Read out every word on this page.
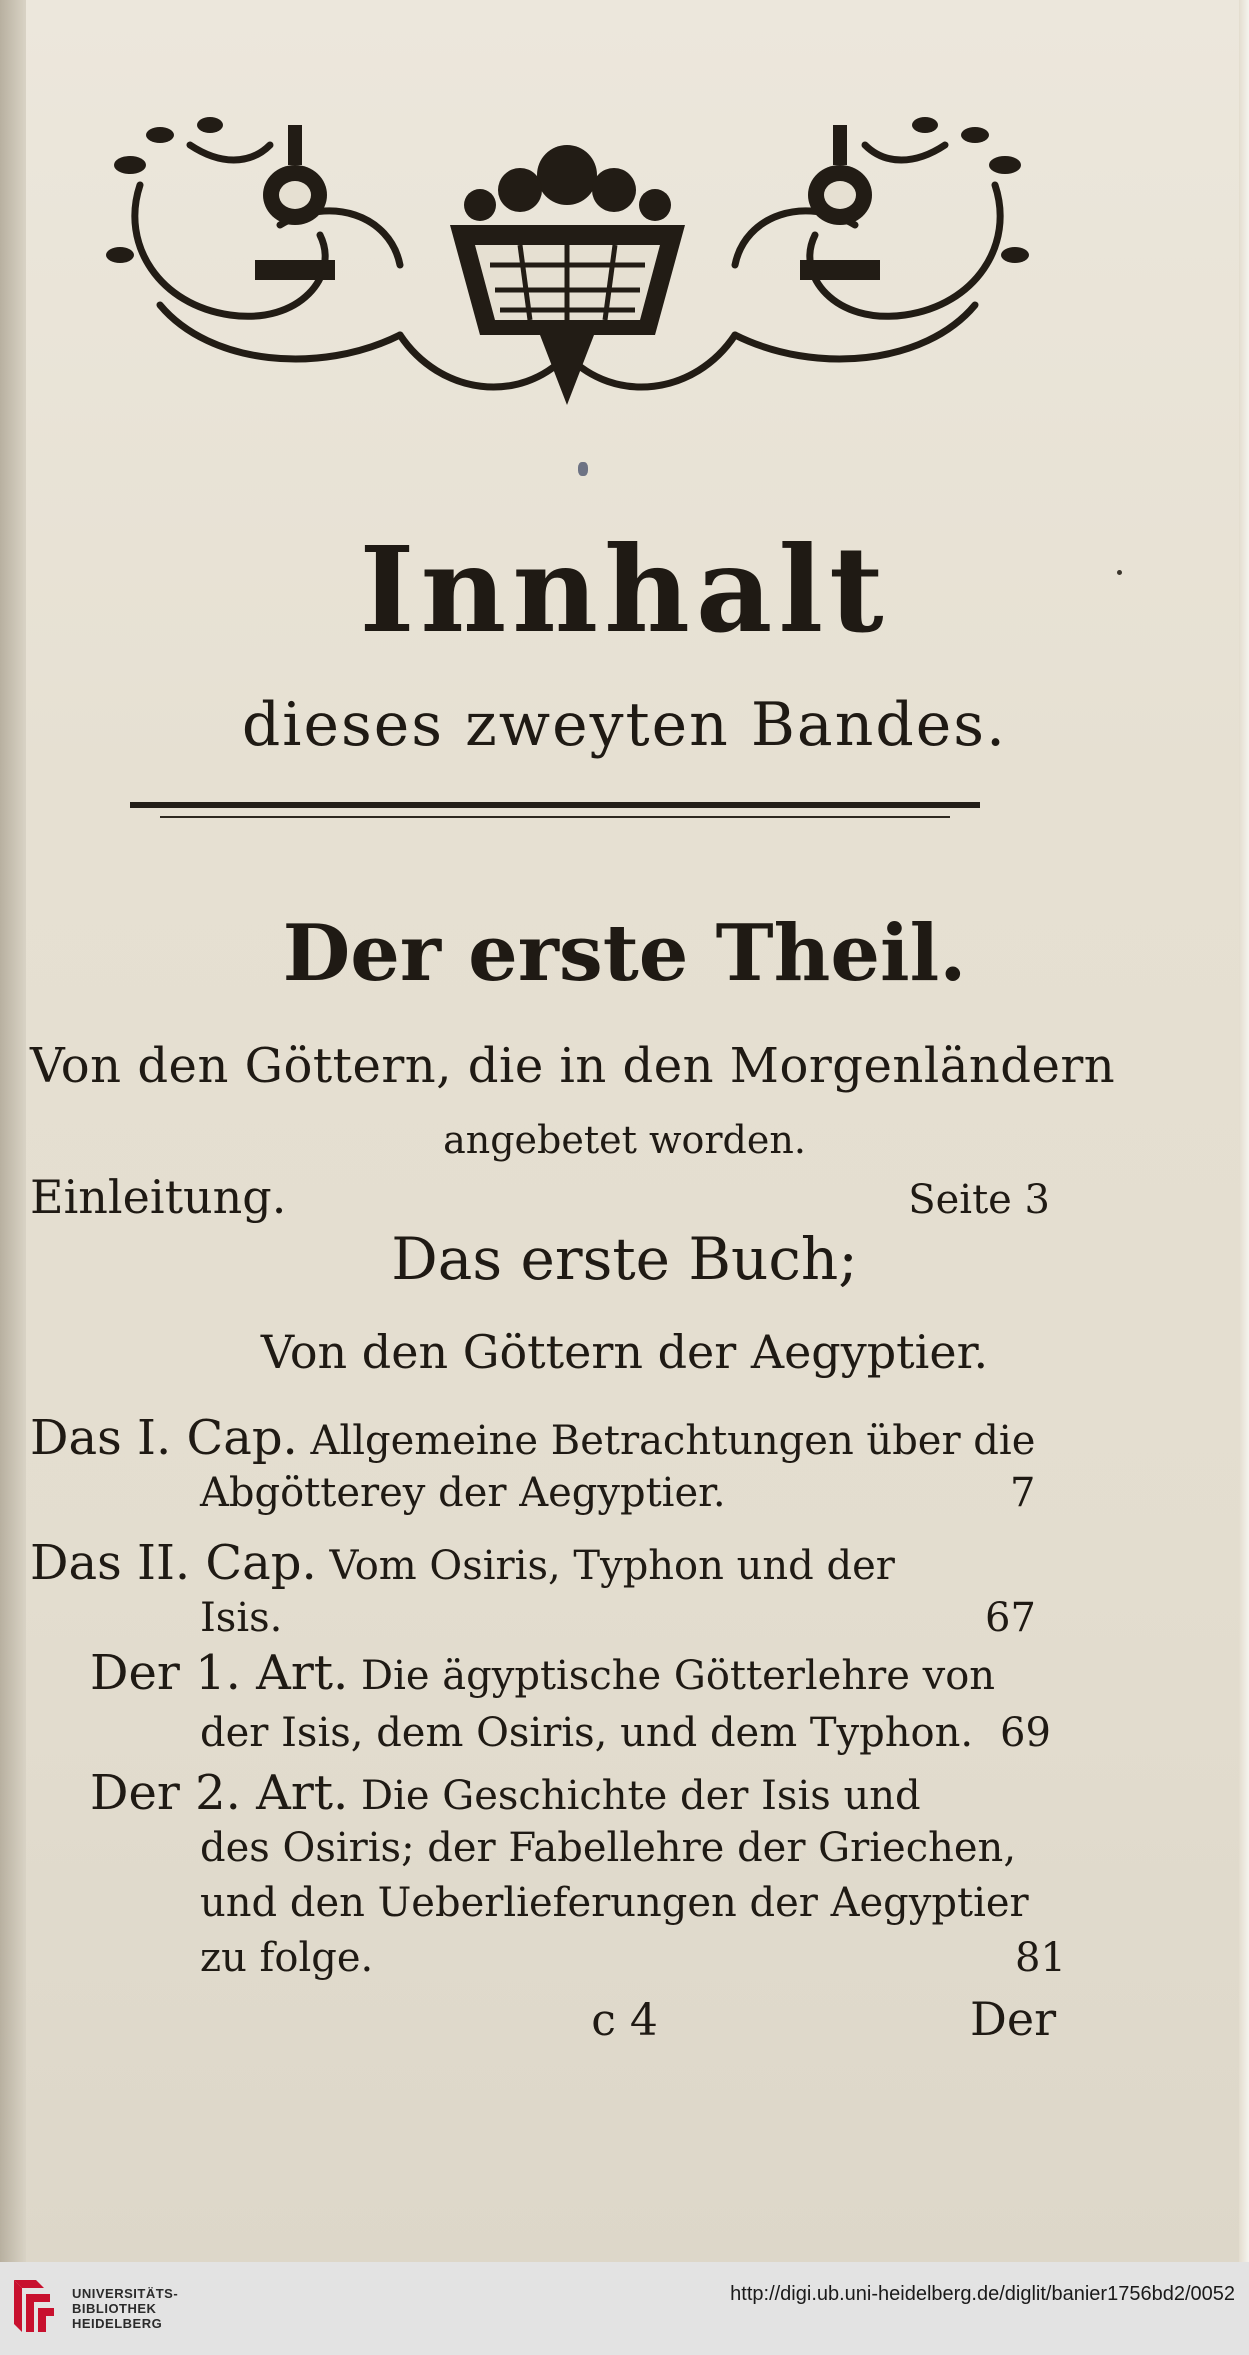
Innhalt
dieses zweyten Bandes.
Der erste Theil.
Von den Göttern, die in den Morgenländern
angebetet worden.
Einleitung.	Seite 3
Das erste Buch;
Von den Göttern der Aegyptier.
Das I. Cap. Allgemeine Betrachtungen über die
Abgötterey der Aegyptier.	7
Das II. Cap. Vom Osiris, Typhon und der
Isis.	67
Der 1. Art. Die ägyptische Götterlehre von
der Isis, dem Osiris, und dem Typhon. 69
Der 2. Art. Die Geschichte der Isis und
des Osiris; der Fabellehre der Griechen,
und den Ueberlieferungen der Aegyptier
zu folge.	81
c 4	Der
UNIVERSITÄTS-
BIBLIOTHEK
HEIDELBERG
http://digi.ub.uni-heidelberg.de/diglit/banier1756bd2/0052
